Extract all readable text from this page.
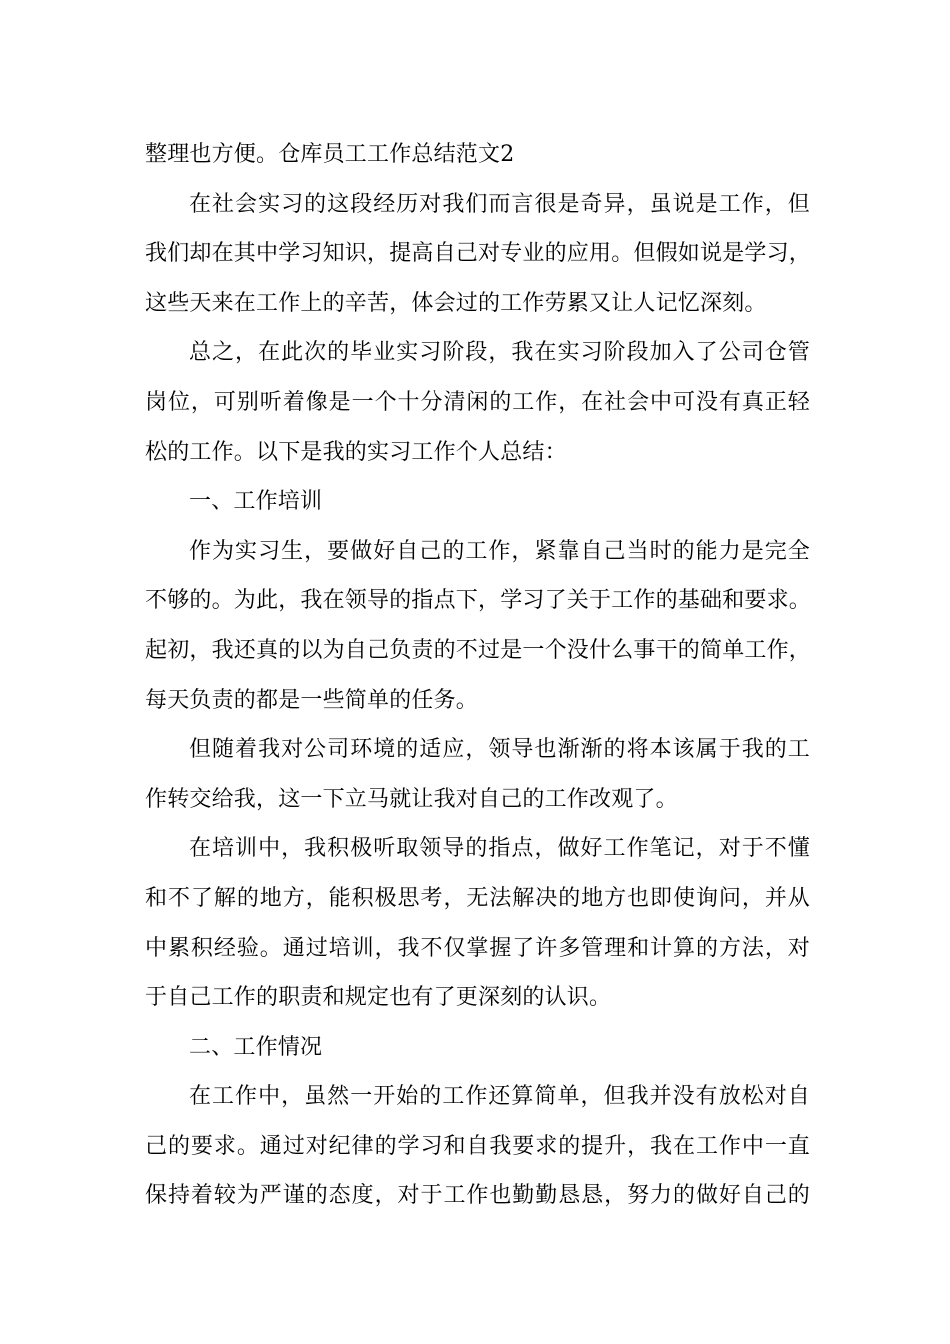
整理也方便。仓库员工工作总结范文2
在社会实习的这段经历对我们而言很是奇异，虽说是工作，但
我们却在其中学习知识，提高自己对专业的应用。但假如说是学习，
这些天来在工作上的辛苦，体会过的工作劳累又让人记忆深刻。
总之，在此次的毕业实习阶段，我在实习阶段加入了公司仓管
岗位，可别听着像是一个十分清闲的工作，在社会中可没有真正轻
松的工作。以下是我的实习工作个人总结：
一、工作培训
作为实习生，要做好自己的工作，紧靠自己当时的能力是完全
不够的。为此，我在领导的指点下，学习了关于工作的基础和要求。
起初，我还真的以为自己负责的不过是一个没什么事干的简单工作，
每天负责的都是一些简单的任务。
但随着我对公司环境的适应，领导也渐渐的将本该属于我的工
作转交给我，这一下立马就让我对自己的工作改观了。
在培训中，我积极听取领导的指点，做好工作笔记，对于不懂
和不了解的地方，能积极思考，无法解决的地方也即使询问，并从
中累积经验。通过培训，我不仅掌握了许多管理和计算的方法，对
于自己工作的职责和规定也有了更深刻的认识。
二、工作情况
在工作中，虽然一开始的工作还算简单，但我并没有放松对自
己的要求。通过对纪律的学习和自我要求的提升，我在工作中一直
保持着较为严谨的态度，对于工作也勤勤恳恳，努力的做好自己的
